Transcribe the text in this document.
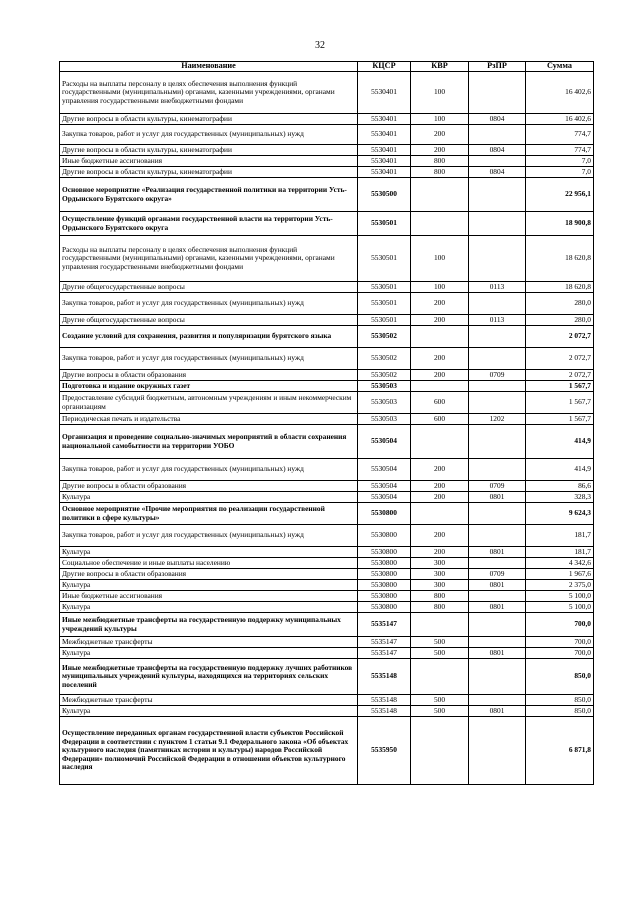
32
Наименование	КЦСР	КВР	РзПР	Сумма
Расходы на выплаты персоналу в целях обеспечения выполнения функций государственными (муниципальными) органами, казенными учреждениями, органами управления государственными внебюджетными фондами	5530401	100		16 402,6
Другие вопросы в области культуры, кинематографии	5530401	100	0804	16 402,6
Закупка товаров, работ и услуг для государственных (муниципальных) нужд	5530401	200		774,7
Другие вопросы в области культуры, кинематографии	5530401	200	0804	774,7
Иные бюджетные ассигнования	5530401	800		7,0
Другие вопросы в области культуры, кинематографии	5530401	800	0804	7,0
Основное мероприятие «Реализация государственной политики на территории Усть-Ордынского Бурятского округа»	5530500			22 956,1
Осуществление функций органами государственной власти на территории Усть-Ордынского Бурятского округа	5530501			18 900,8
Расходы на выплаты персоналу в целях обеспечения выполнения функций государственными (муниципальными) органами, казенными учреждениями, органами управления государственными внебюджетными фондами	5530501	100		18 620,8
Другие общегосударственные вопросы	5530501	100	0113	18 620,8
Закупка товаров, работ и услуг для государственных (муниципальных) нужд	5530501	200		280,0
Другие общегосударственные вопросы	5530501	200	0113	280,0
Создание условий для сохранения, развития и популяризации бурятского языка	5530502			2 072,7
Закупка товаров, работ и услуг для государственных (муниципальных) нужд	5530502	200		2 072,7
Другие вопросы в области образования	5530502	200	0709	2 072,7
Подготовка и издание окружных газет	5530503			1 567,7
Предоставление субсидий бюджетным, автономным учреждениям и иным некоммерческим организациям	5530503	600		1 567,7
Периодическая печать и издательства	5530503	600	1202	1 567,7
Организация и проведение социально-значимых мероприятий в области сохранения национальной самобытности на территории УОБО	5530504			414,9
Закупка товаров, работ и услуг для государственных (муниципальных) нужд	5530504	200		414,9
Другие вопросы в области образования	5530504	200	0709	86,6
Культура	5530504	200	0801	328,3
Основное мероприятие «Прочие мероприятия по реализации государственной политики в сфере культуры»	5530800			9 624,3
Закупка товаров, работ и услуг для государственных (муниципальных) нужд	5530800	200		181,7
Культура	5530800	200	0801	181,7
Социальное обеспечение и иные выплаты населению	5530800	300		4 342,6
Другие вопросы в области образования	5530800	300	0709	1 967,6
Культура	5530800	300	0801	2 375,0
Иные бюджетные ассигнования	5530800	800		5 100,0
Культура	5530800	800	0801	5 100,0
Иные межбюджетные трансферты на государственную поддержку муниципальных учреждений культуры	5535147			700,0
Межбюджетные трансферты	5535147	500		700,0
Культура	5535147	500	0801	700,0
Иные межбюджетные трансферты на государственную поддержку лучших работников муниципальных учреждений культуры, находящихся на территориях сельских поселений	5535148			850,0
Межбюджетные трансферты	5535148	500		850,0
Культура	5535148	500	0801	850,0
Осуществление переданных органам государственной власти субъектов Российской Федерации в соответствии с пунктом 1 статьи 9.1 Федерального закона «Об объектах культурного наследия (памятниках истории и культуры) народов Российской Федерации» полномочий Российской Федерации в отношении объектов культурного наследия	5535950			6 871,8
